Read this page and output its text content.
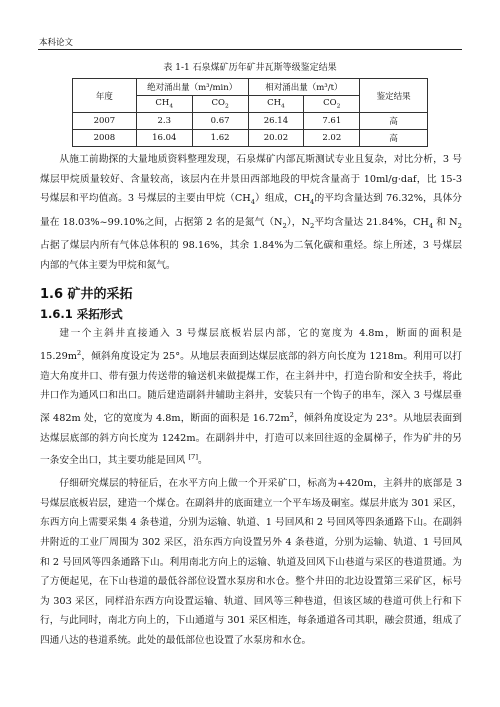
本科论文
表 1-1 石泉煤矿历年矿井瓦斯等级鉴定结果
年度	绝对涌出量（m³/min）		相对涌出量（m³/t）		鉴定结果
	$CH_4$	$CO_2$	$CH_4$	$CO_2$
2007	2.3	0.67	26.14	7.61	高
2008	16.04	1.62	20.02	2.02	高

从施工前勘探的大量地质资料整理发现，石泉煤矿内部瓦斯测试专业且复杂，对比分析，3 号煤层甲烷质量较好、含量较高，该层内在井景田西部地段的甲烷含量高于 10ml/g·daf，比 15-3 号煤层和平均值高。3 号煤层的主要由甲烷$(CH_4)$组成，$CH_4$的平均含量达到 76.32%，具体分量在 18.03%~99.10%之间，占据第 2 名的是氮气$(N_2)$，$N_2$平均含量达 21.84%，$CH_4$ 和 $N_2$ 占据了煤层内所有气体总体积的 98.16%，其余 1.84%为二氧化碳和重烃。综上所述，3 号煤层内部的气体主要为甲烷和氮气。

1.6 矿井的采拓
1.6.1 采拓形式

建一个主斜井直接通入 3 号煤层底板岩层内部，它的宽度为 4.8m，断面的面积是 $15.29m^2$，倾斜角度设定为 25°。从地层表面到达煤层底部的斜方向长度为 1218m。利用可以打造大角度井口、带有强力传送带的输送机来做提煤工作，在主斜井中，打造台阶和安全扶手，将此井口作为通风口和出口。随后建造副斜井辅助主斜井，安装只有一个钩子的串车，深入 3 号煤层垂深 482m 处，它的宽度为 4.8m，断面的面积是 $16.72m^2$，倾斜角度设定为 23°。从地层表面到达煤层底部的斜方向长度为 1242m。在副斜井中，打造可以来回往返的金属梯子，作为矿井的另一条安全出口，其主要功能是回风 [7]。

仔细研究煤层的特征后，在水平方向上做一个开采矿口，标高为+420m，主斜井的底部是 3 号煤层底板岩层，建造一个煤仓。在副斜井的底面建立一个平车场及硐室。煤层井底为 301 采区，东西方向上需要采集 4 条巷道，分别为运输、轨道、1 号回风和 2 号回风等四条通路下山。在副斜井附近的工业厂周围为 302 采区，沿东西方向设置另外 4 条巷道，分别为运输、轨道、1 号回风和 2 号回风等四条通路下山。利用南北方向上的运输、轨道及回风下山巷道与采区的巷道贯通。为了方便起见，在下山巷道的最低谷部位设置水泵房和水仓。整个井田的北边设置第三采矿区，标号为 303 采区，同样沿东西方向设置运输、轨道、回风等三种巷道，但该区域的巷道可供上行和下行，与此同时，南北方向上的，下山通道与 301 采区相连，每条通道各司其职，融会贯通，组成了四通八达的巷道系统。此处的最低部位也设置了水泵房和水仓。
